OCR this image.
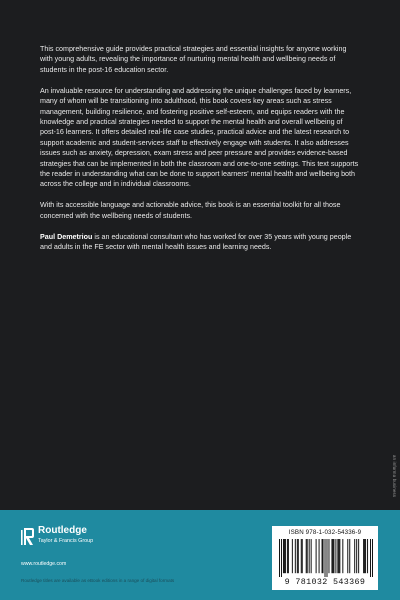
This comprehensive guide provides practical strategies and essential insights for anyone working with young adults, revealing the importance of nurturing mental health and wellbeing needs of students in the post-16 education sector.

An invaluable resource for understanding and addressing the unique challenges faced by learners, many of whom will be transitioning into adulthood, this book covers key areas such as stress management, building resilience, and fostering positive self-esteem, and equips readers with the knowledge and practical strategies needed to support the mental health and overall wellbeing of post-16 learners. It offers detailed real-life case studies, practical advice and the latest research to support academic and student-services staff to effectively engage with students. It also addresses issues such as anxiety, depression, exam stress and peer pressure and provides evidence-based strategies that can be implemented in both the classroom and one-to-one settings. This text supports the reader in understanding what can be done to support learners' mental health and wellbeing both across the college and in individual classrooms.

With its accessible language and actionable advice, this book is an essential toolkit for all those concerned with the wellbeing needs of students.

Paul Demetriou is an educational consultant who has worked for over 35 years with young people and adults in the FE sector with mental health issues and learning needs.

an informa business
Routledge
Taylor & Francis Group
www.routledge.com
Routledge titles are available as eBook editions in a range of digital formats
ISBN 978-1-032-54336-9
9 781032 543369
